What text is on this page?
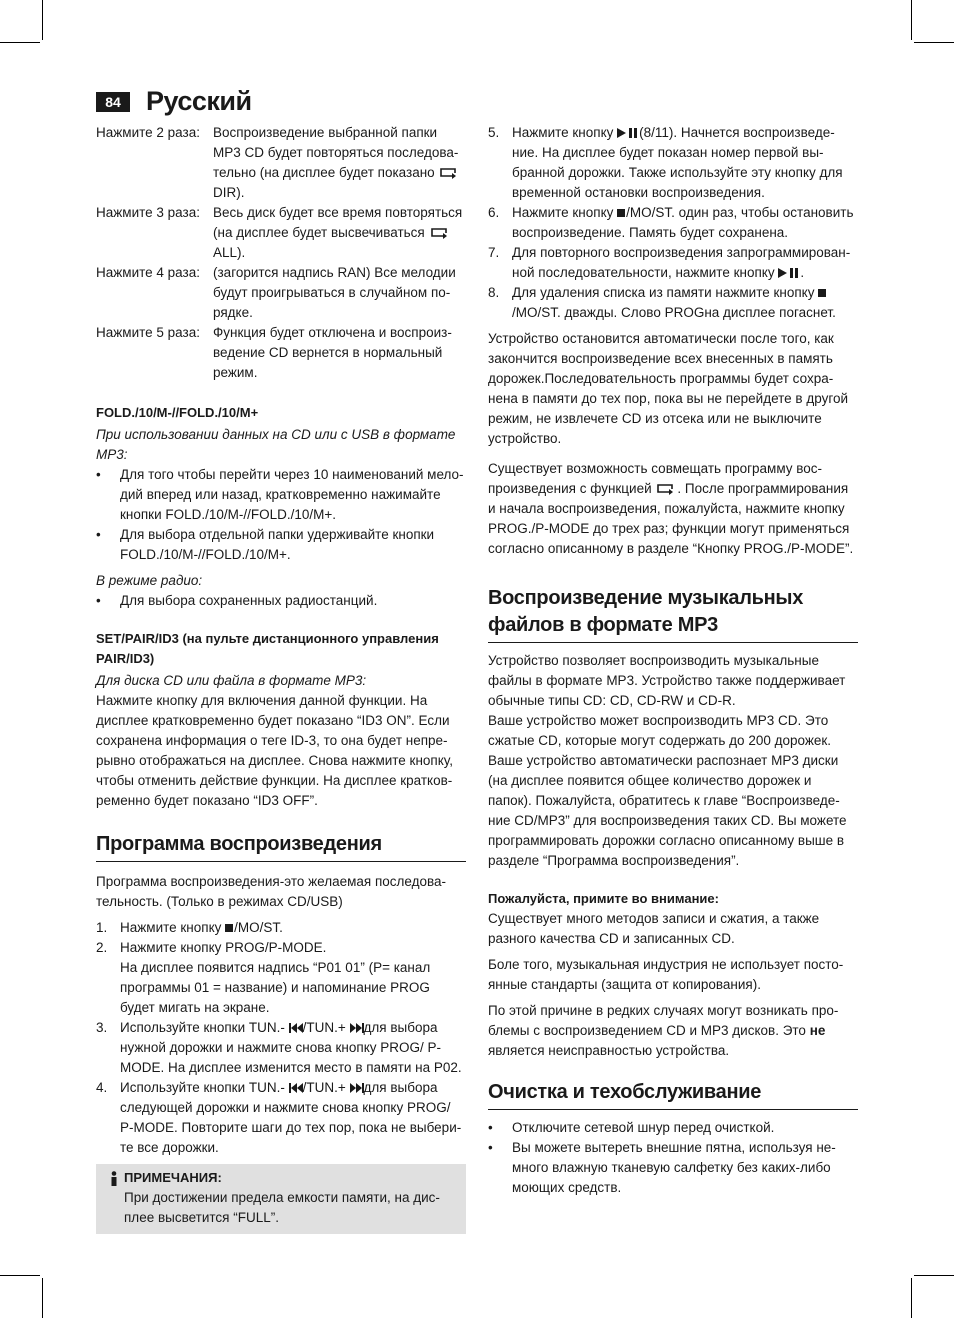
84 Русский
Нажмите 2 раза: Воспроизведение выбранной папки
MP3 CD будет повторяться последова-
тельно (на дисплее будет показано
DIR).
Нажмите 3 раза: Весь диск будет все время повторяться
(на дисплее будет высвечиваться
ALL).
Нажмите 4 раза: (загорится надпись RAN) Все мелодии
будут проигрываться в случайном по-
рядке.
Нажмите 5 раза: Функция будет отключена и воспроиз-
ведение CD вернется в нормальный
режим.

FOLD./10/M-//FOLD./10/M+

При использовании данных на CD или с USB в формате MP3:

•	Для того чтобы перейти через 10 наименований мело- дий вперед или назад, кратковременно нажимайте кнопки FOLD./10/M-//FOLD./10/M+.
•	Для выбора отдельной папки удерживайте кнопки FOLD./10/M-//FOLD./10/M+.

В режиме радио:

•	Для выбора сохраненных радиостанций.

SET/PAIR/ID3 (на пульте дистанционного управления PAIR/ID3)

Для диска CD или файла в формате MP3:

Нажмите кнопку для включения данной функции. На дисплее кратковременно будет показано “ID3 ON”. Если сохранена информация о теге ID-3, то она будет непре- рывно отображаться на дисплее. Снова нажмите кнопку, чтобы отменить действие функции. На дисплее кратков- ременно будет показано “ID3 OFF”.

Программа воспроизведения

Программа воспроизведения-это желаемая последова- тельность. (Только в режимах CD/USB)

1. Нажмите кнопку /MO/ST.
2. Нажмите кнопку PROG/P-MODE.
На дисплее появится надпись “P01 01” (P= канал программы 01 = название) и напоминание PROG будет мигать на экране.
3. Используйте кнопки TUN.- /TUN.+ для выбора нужной дорожки и нажмите снова кнопку PROG/ P-MODE. На дисплее изменится место в памяти на P02.
4. Используйте кнопки TUN.- /TUN.+ для выбора следующей дорожки и нажмите снова кнопку PROG/ P-MODE. Повторите шаги до тех пор, пока не выбери- те все дорожки.
ПРИМЕЧАНИЯ:
При достижении предела емкости памяти, на дис- плее высветится “FULL”.
5. Нажмите кнопку (8/11). Начнется воспроизведе- ние. На дисплее будет показан номер первой вы- бранной дорожки. Также используйте эту кнопку для временной остановки воспроизведения.
6. Нажмите кнопку /MO/ST. один раз, чтобы остановить воспроизведение. Память будет сохранена.
7. Для повторного воспроизведения запрограммирован- ной последовательности, нажмите кнопку .
8. Для удаления списка из памяти нажмите кнопку /MO/ST. дважды. Слово PROGна дисплее погаснет.

Устройство остановится автоматически после того, как закончится воспроизведение всех внесенных в память дорожек.Последовательность программы будет сохра- нена в памяти до тех пор, пока вы не перейдете в другой режим, не извлечете CD из отсека или не выключите устройство.

Существует возможность совмещать программу вос- произведения с функцией . После программирования и начала воспроизведения, пожалуйста, нажмите кнопку PROG./P-MODE до трех раз; функции могут применяться согласно описанному в разделе “Кнопку PROG./P-MODE”.

Воспроизведение музыкальных файлов в формате MP3

Устройство позволяет воспроизводить музыкальные файлы в формате MP3. Устройство также поддерживает обычные типы CD: CD, CD-RW и CD-R.

Ваше устройство может воспроизводить MP3 CD. Это сжатые CD, которые могут содержать до 200 дорожек. Ваше устройство автоматически распознает MP3 диски (на дисплее появится общее количество дорожек и папок). Пожалуйста, обратитесь к главе “Воспроизведе- ние CD/MP3” для воспроизведения таких CD. Вы можете программировать дорожки согласно описанному выше в разделе “Программа воспроизведения”.

Пожалуйста, примите во внимание:

Существует много методов записи и сжатия, а также разного качества CD и записанных CD.

Боле того, музыкальная индустрия не использует посто- янные стандарты (защита от копирования).

По этой причине в редких случаях могут возникать про- блемы с воспроизведением CD и MP3 дисков. Это не является неисправностью устройства.

Очистка и техобслуживание
•	Отключите сетевой шнур перед очисткой.
•	Вы можете вытереть внешние пятна, используя не- много влажную тканевую салфетку без каких-либо моющих средств.
